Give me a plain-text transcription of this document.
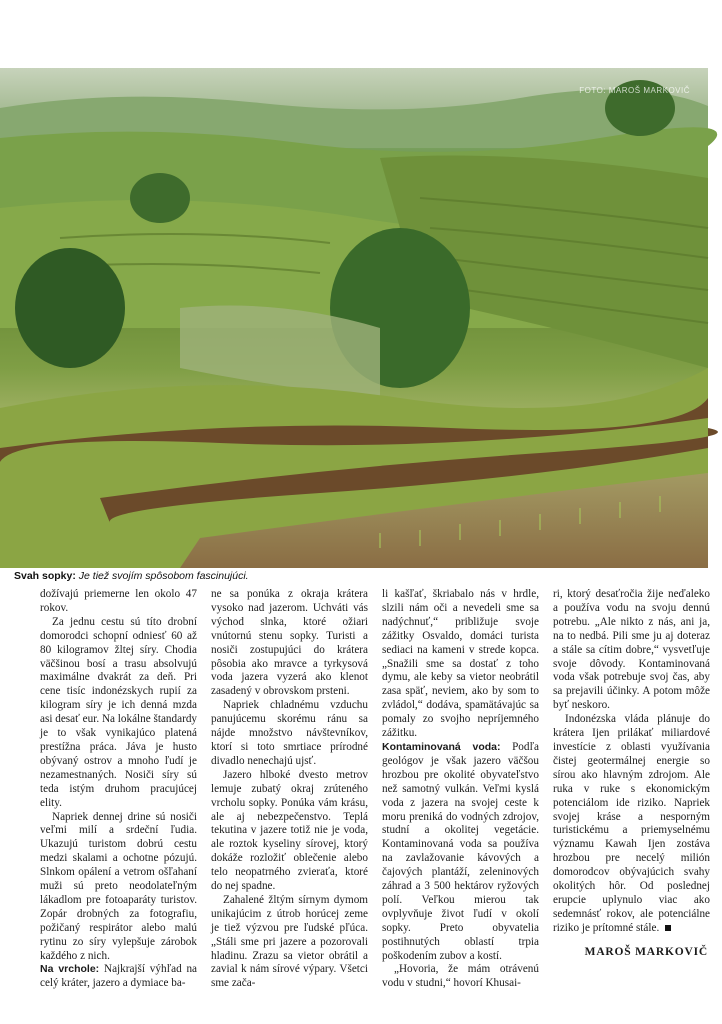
FOTO: MAROŠ MARKOVIČ
Svah sopky: Je tiež svojím spôsobom fascinujúci.

dožívajú priemerne len okolo 47 rokov.

Za jednu cestu sú títo drobní domorodci schopní odniesť 60 až 80 kilogramov žltej síry. Chodia väčšinou bosí a trasu absolvujú maximálne dvakrát za deň. Pri cene tisíc indonézskych rupií za kilogram síry je ich denná mzda asi desať eur. Na lokálne štandardy je to však vynikajúco platená prestížna práca. Jáva je husto obývaný ostrov a mnoho ľudí je nezamestnaných. Nosiči síry sú teda istým druhom pracujúcej elity.

Napriek dennej drine sú nosiči veľmi milí a srdeční ľudia. Ukazujú turistom dobrú cestu medzi skalami a ochotne pózujú. Slnkom opálení a vetrom ošľahaní muži sú preto neodolateľným lákadlom pre fotoaparáty turistov. Zopár drobných za fotografiu, požičaný respirátor alebo malú rytinu zo síry vylepšuje zárobok každého z nich.

Na vrchole: Najkrajší výhľad na celý kráter, jazero a dymiace ba-

ne sa ponúka z okraja krátera vysoko nad jazerom. Uchváti vás východ slnka, ktoré ožiari vnútornú stenu sopky. Turisti a nosiči zostupujúci do krátera pôsobia ako mravce a tyrkysová voda jazera vyzerá ako klenot zasadený v obrovskom prsteni.

Napriek chladnému vzduchu panujúcemu skorému ránu sa nájde množstvo návštevníkov, ktorí si toto smrtiace prírodné divadlo nenechajú ujsť.

Jazero hlboké dvesto metrov lemuje zubatý okraj zrúteného vrcholu sopky. Ponúka vám krásu, ale aj nebezpečenstvo. Teplá tekutina v jazere totiž nie je voda, ale roztok kyseliny sírovej, ktorý dokáže rozložiť oblečenie alebo telo neopatrného zvieraťa, ktoré do nej spadne.

Zahalené žltým sírnym dymom unikajúcim z útrob horúcej zeme je tiež výzvou pre ľudské pľúca. „Stáli sme pri jazere a pozorovali hladinu. Zrazu sa vietor obrátil a zavial k nám sírové výpary. Všetci sme zača-

li kašľať, škriabalo nás v hrdle, slzili nám oči a nevedeli sme sa nadýchnuť,“ približuje svoje zážitky Osvaldo, domáci turista sediaci na kameni v strede kopca. „Snažili sme sa dostať z toho dymu, ale keby sa vietor neobrátil zasa späť, neviem, ako by som to zvládol,“ dodáva, spamätávajúc sa pomaly zo svojho nepríjemného zážitku.

Kontaminovaná voda: Podľa geológov je však jazero väčšou hrozbou pre okolité obyvateľstvo než samotný vulkán. Veľmi kyslá voda z jazera na svojej ceste k moru preniká do vodných zdrojov, studní a okolitej vegetácie. Kontaminovaná voda sa používa na zavlažovanie kávových a čajových plantáží, zeleninových záhrad a 3 500 hektárov ryžových polí. Veľkou mierou tak ovplyvňuje život ľudí v okolí sopky. Preto obyvatelia postihnutých oblastí trpia poškodením zubov a kostí.

„Hovoria, že mám otrávenú vodu v studni,“ hovorí Khusai-

ri, ktorý desaťročia žije neďaleko a používa vodu na svoju dennú potrebu. „Ale nikto z nás, ani ja, na to nedbá. Pili sme ju aj doteraz a stále sa cítim dobre,“ vysvetľuje svoje dôvody. Kontaminovaná voda však potrebuje svoj čas, aby sa prejavili účinky. A potom môže byť neskoro.

Indonézska vláda plánuje do krátera Ijen prilákať miliardové investície z oblasti využívania čistej geotermálnej energie so sírou ako hlavným zdrojom. Ale ruka v ruke s ekonomickým potenciálom ide riziko. Napriek svojej kráse a nesporným turistickému a priemyselnému významu Kawah Ijen zostáva hrozbou pre necelý milión domorodcov obývajúcich svahy okolitých hôr. Od poslednej erupcie uplynulo viac ako sedemnásť rokov, ale potenciálne riziko je prítomné stále.

MAROŠ MARKOVIČ
